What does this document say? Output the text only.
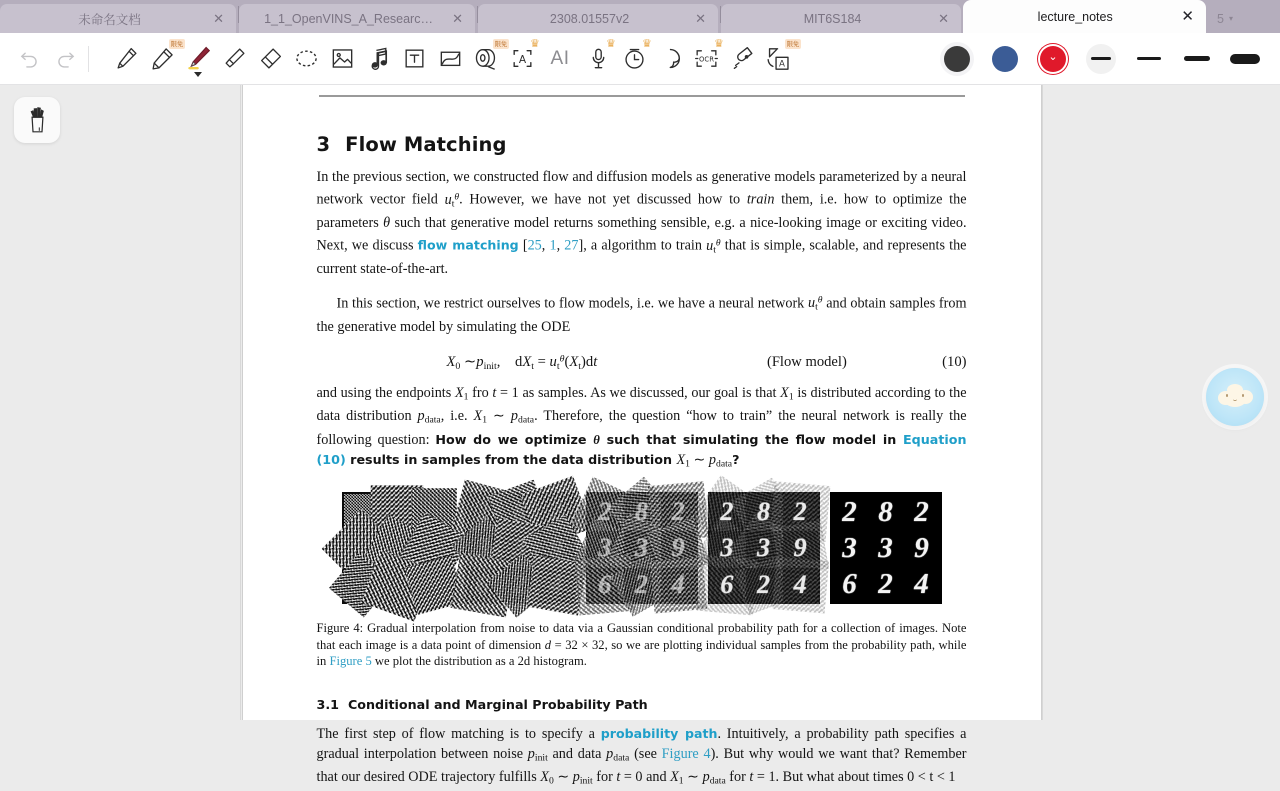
未命名文档	✕	1_1_OpenVINS_A_Researc…	✕	2308.01557v2	✕	MIT6S184	✕	lecture_notes	✕	5 ▾
限免	限免
A
♛
AI
♛ ♛
OCR
♛
A
限免
⌄
3 Flow Matching

In the previous section, we constructed flow and diffusion models as generative models parameterized by a neural network vector field $ut^\theta$. However, we have not yet discussed how to train them, i.e. how to optimize the parameters θ such that generative model returns something sensible, e.g. a nice-looking image or exciting video. Next, we discuss flow matching [25, 1, 27], a algorithm to train $ut^\theta$ that is simple, scalable, and represents the current state-of-the-art.

In this section, we restrict ourselves to flow models, i.e. we have a neural network $ut^\theta$ and obtain samples from the generative model by simulating the ODE

X0 ∼pinit,    dXt = $ut^\theta(Xt)dt$	(Flow model)	(10)

and using the endpoints X1 fro t = 1 as samples. As we discussed, our goal is that X1 is distributed according to the data distribution pdata, i.e. X1 ∼ pdata. Therefore, the question “how to train” the neural network is really the following question: How do we optimize θ such that simulating the flow model in Equation (10) results in samples from the data distribution X1 ∼ pdata?

2 8 2
3 3 9
6 2 4
2 8 2
3 3 9
6 2 4
2 8 2
3 3 9
6 2 4
2 8 2
3 3 9
6 2 4

Figure 4: Gradual interpolation from noise to data via a Gaussian conditional probability path for a collection of images. Note that each image is a data point of dimension d = 32 × 32, so we are plotting individual samples from the probability path, while in Figure 5 we plot the distribution as a 2d histogram.

3.1 Conditional and Marginal Probability Path

The first step of flow matching is to specify a probability path. Intuitively, a probability path specifies a gradual interpolation between noise pinit and data pdata (see Figure 4). But why would we want that? Remember that our desired ODE trajectory fulfills X0 ∼ pinit for t = 0 and X1 ∼ pdata for t = 1. But what about times 0 < t < 1
